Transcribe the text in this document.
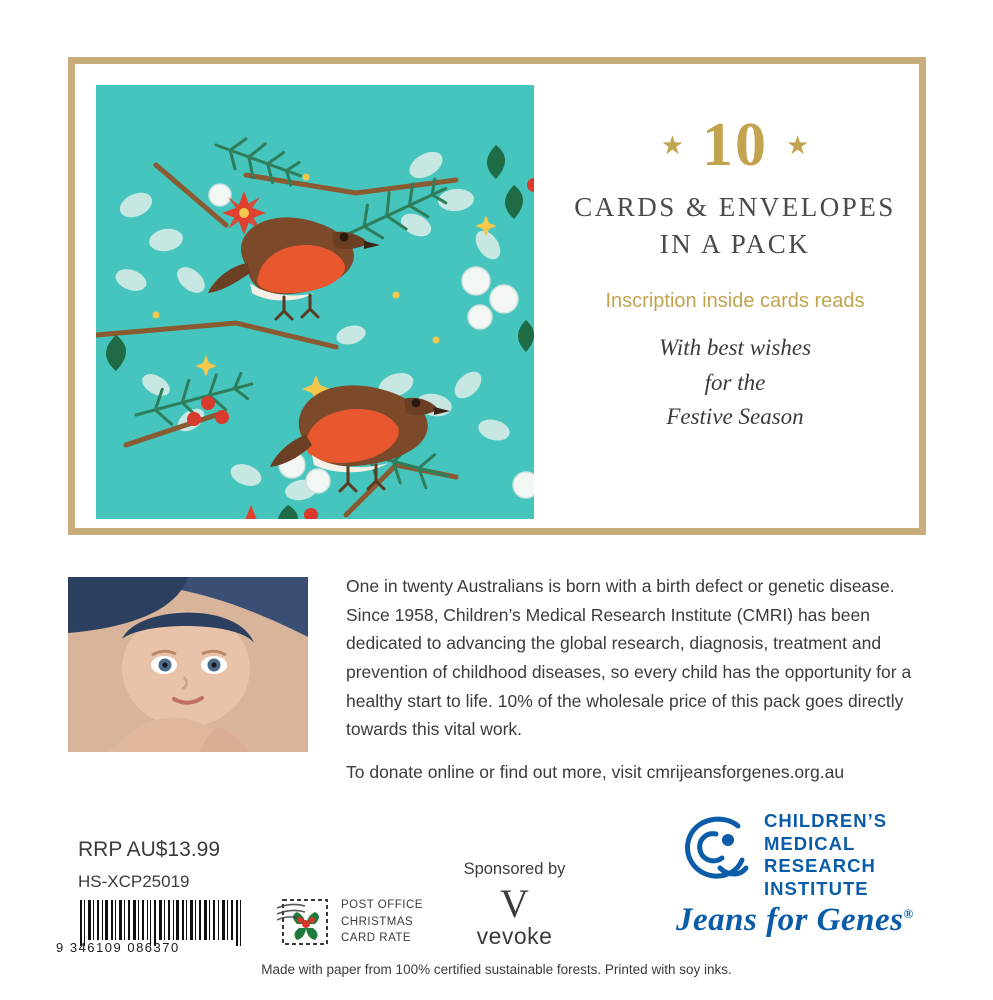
★ 10 ★
CARDS & ENVELOPES
IN A PACK
Inscription inside cards reads
With best wishes
for the
Festive Season

One in twenty Australians is born with a birth defect or genetic disease. Since 1958, Children’s Medical Research Institute (CMRI) has been dedicated to advancing the global research, diagnosis, treatment and prevention of childhood diseases, so every child has the opportunity for a healthy start to life. 10% of the wholesale price of this pack goes directly towards this vital work.

To donate online or find out more, visit cmrijeansforgenes.org.au

RRP AU$13.99
HS-XCP25019
9 346109 086370
POST OFFICE
CHRISTMAS
CARD RATE
Sponsored by
V
vevoke
CHILDREN’S
MEDICAL
RESEARCH
INSTITUTE
Jeans for Genes®
Made with paper from 100% certified sustainable forests. Printed with soy inks.
